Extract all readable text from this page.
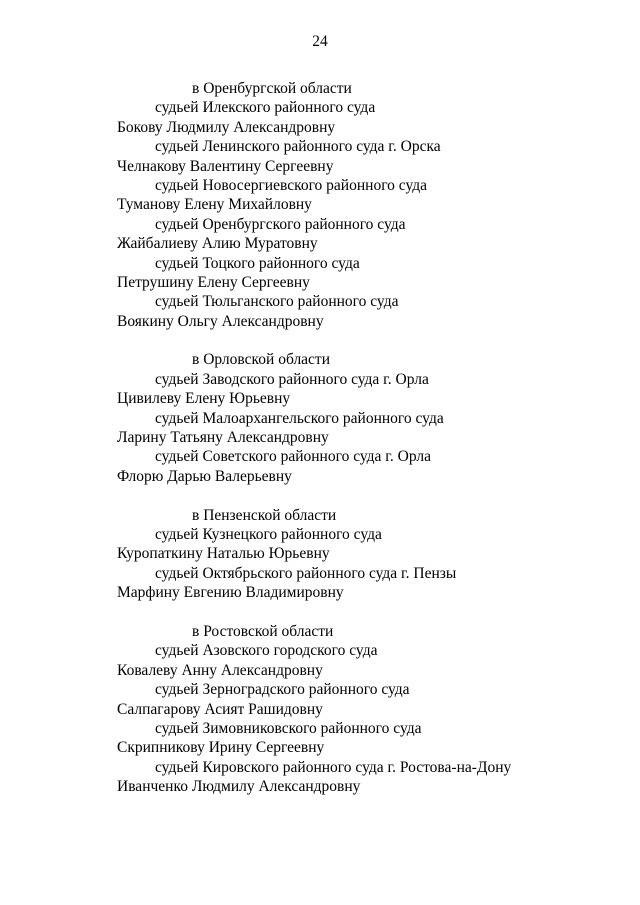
24
в Оренбургской области
судьей Илекского районного суда
Бокову Людмилу Александровну
судьей Ленинского районного суда г. Орска
Челнакову Валентину Сергеевну
судьей Новосергиевского районного суда
Туманову Елену Михайловну
судьей Оренбургского районного суда
Жайбалиеву Алию Муратовну
судьей Тоцкого районного суда
Петрушину Елену Сергеевну
судьей Тюльганского районного суда
Воякину Ольгу Александровну
в Орловской области
судьей Заводского районного суда г. Орла
Цивилеву Елену Юрьевну
судьей Малоархангельского районного суда
Ларину Татьяну Александровну
судьей Советского районного суда г. Орла
Флорю Дарью Валерьевну
в Пензенской области
судьей Кузнецкого районного суда
Куропаткину Наталью Юрьевну
судьей Октябрьского районного суда г. Пензы
Марфину Евгению Владимировну
в Ростовской области
судьей Азовского городского суда
Ковалеву Анну Александровну
судьей Зерноградского районного суда
Салпагарову Асият Рашидовну
судьей Зимовниковского районного суда
Скрипникову Ирину Сергеевну
судьей Кировского районного суда г. Ростова-на-Дону
Иванченко Людмилу Александровну
